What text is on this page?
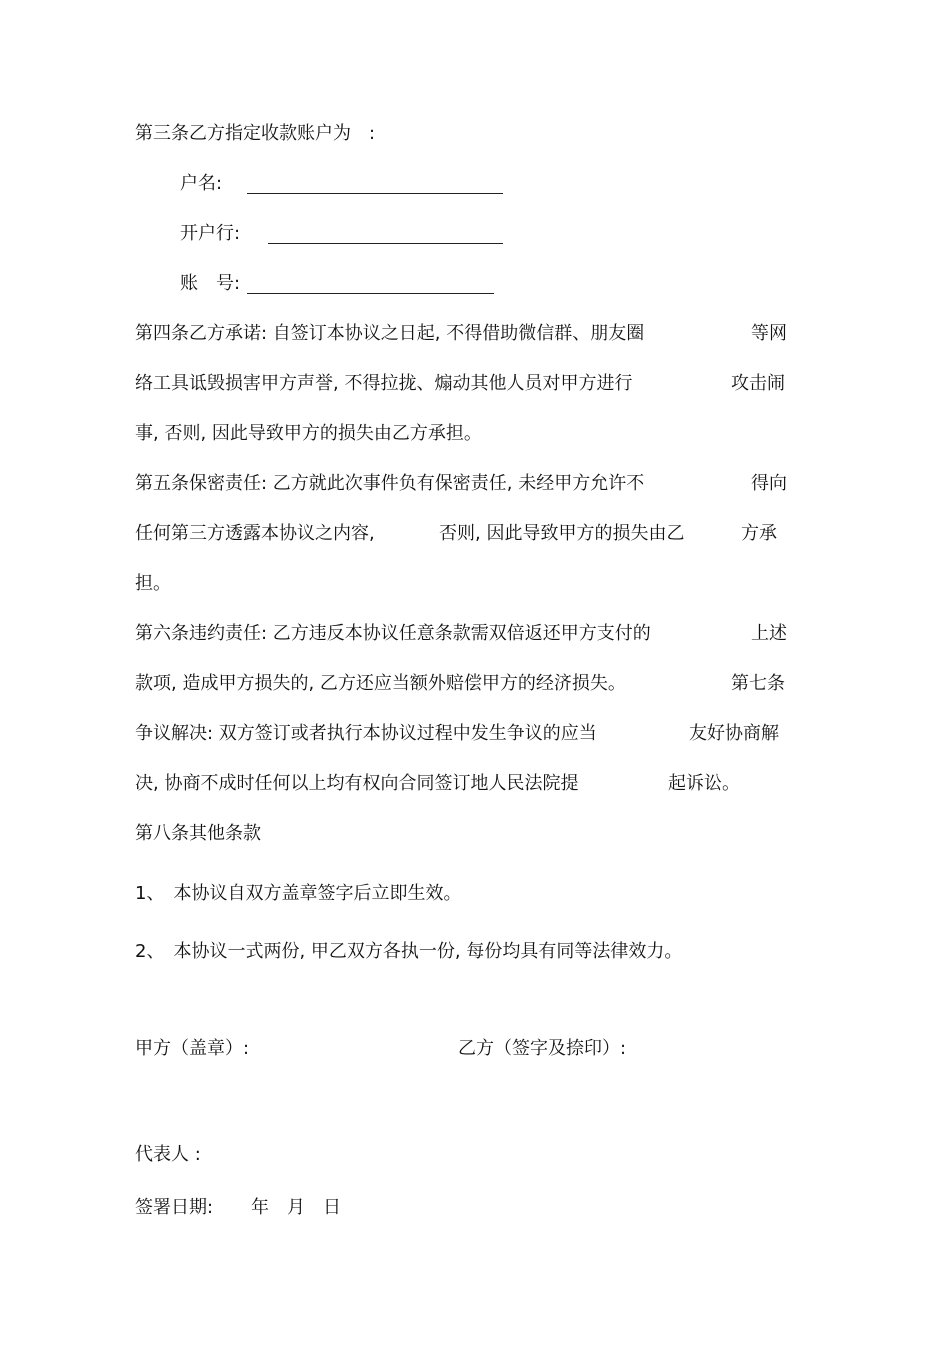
第三条乙方指定收款账户为　:
户名:
开户行:
账　号:
第四条乙方承诺: 自签订本协议之日起, 不得借助微信群、朋友圈	等网
络工具诋毁损害甲方声誉, 不得拉拢、煽动其他人员对甲方进行	攻击闹
事, 否则, 因此导致甲方的损失由乙方承担。
第五条保密责任: 乙方就此次事件负有保密责任, 未经甲方允许不	得向
任何第三方透露本协议之内容,	否则, 因此导致甲方的损失由乙	方承
担。
第六条违约责任: 乙方违反本协议任意条款需双倍返还甲方支付的	上述
款项, 造成甲方损失的, 乙方还应当额外赔偿甲方的经济损失。	第七条
争议解决: 双方签订或者执行本协议过程中发生争议的应当	友好协商解
决, 协商不成时任何以上均有权向合同签订地人民法院提	起诉讼。
第八条其他条款
1、　本协议自双方盖章签字后立即生效。
2、　本协议一式两份, 甲乙双方各执一份, 每份均具有同等法律效力。
甲方（盖章）:	乙方（签字及捺印）:
代表人 :
签署日期: 年　月　日
